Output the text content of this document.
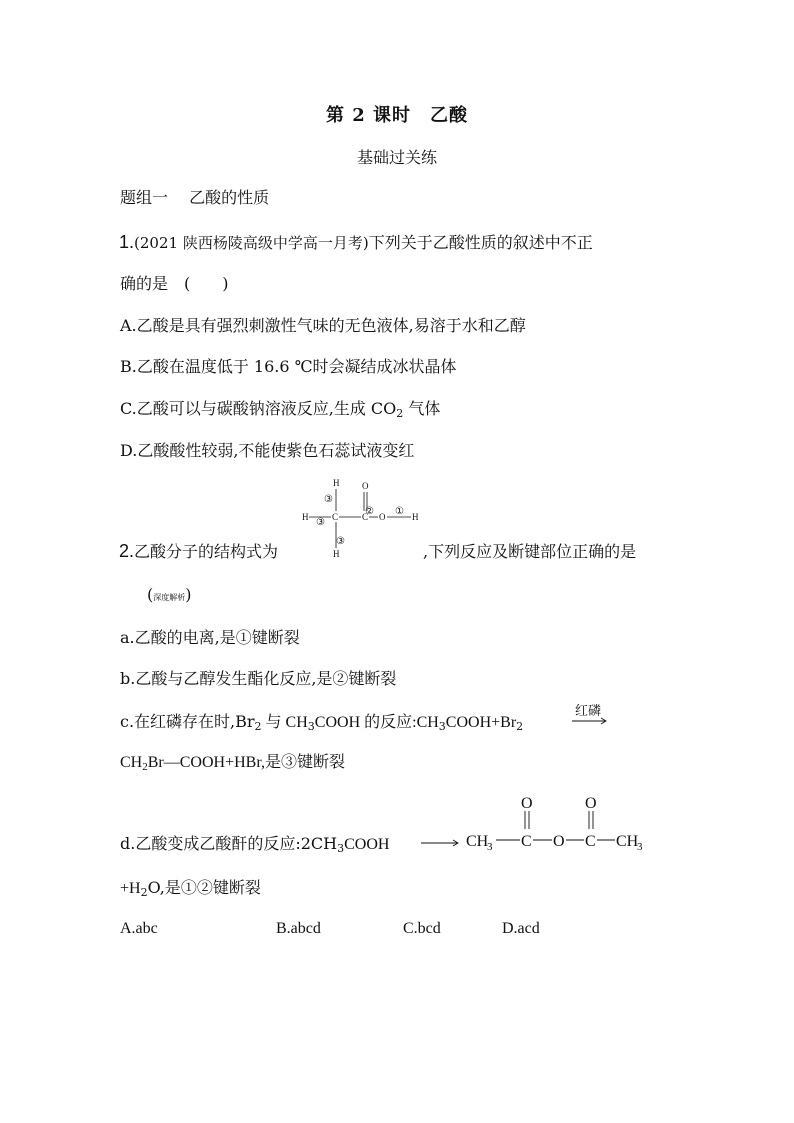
第 2 课时　乙酸
基础过关练
题组一　 乙酸的性质
1.(2021 陕西杨陵高级中学高一月考)下列关于乙酸性质的叙述中不正
确的是　(　　)
A.乙酸是具有强烈刺激性气味的无色液体,易溶于水和乙醇
B.乙酸在温度低于 16.6 ℃时会凝结成冰状晶体
C.乙酸可以与碳酸钠溶液反应,生成 $CO_2$ 气体
D.乙酸酸性较弱,不能使紫色石蕊试液变红
H
H	C	C
O
O	H
H
③
③
③
② ①
2.乙酸分子的结构式为	,下列反应及断键部位正确的是
(深度解析)
a.乙酸的电离,是①键断裂
b.乙酸与乙醇发生酯化反应,是②键断裂
c.在红磷存在时$,Br_2$ 与 $CH_3COOH$ 的反应$:CH_3COOH+Br_2$
红磷
$CH_2Br—COOH+HBr$,是③键断裂
d.乙酸变成乙酸酐的反应$:2CH_3COOH$	CH
3 C
O
O C
O
CH
3
$+H_2O$,是①②键断裂
A.abc	B.abcd	C.bcd	D.acd
